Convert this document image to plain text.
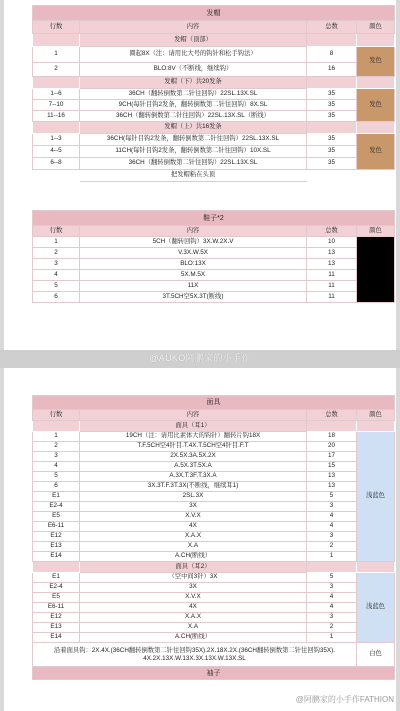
发帽			
行数	内容	总数	颜色
	发帽（顶部）		
1	圈起8X（注：请用比大号的钩针和松手钩法）	8	发色
2	BLO:8V（不断线，继续钩）	16	
	发帽（下）共20发条		
1--6	36CH（翻转倒数第二针往回钩）22SL.13X.SL	35	发色
7--10	9CH(每针目钩2发条，翻转倒数第二针往回钩）8X.SL	35	
11--16	36CH（翻转倒数第二针往回钩）22SL.13X.SL（断线）	35	
	发帽（上）共16发条		
1--3	36CH(每针目钩2发条，翻转倒数第二针往回钩）22SL.13X.SL	35	发色
4--5	11CH(每针目钩2发条，翻转倒数第二针往回钩）10X.SL	35	
6--8	36CH（翻转倒数第二针往回钩）22SL.13X.SL	35	
	把发帽粘在头顶		
鞋子*2			
行数	内容	总数	颜色
1	5CH（翻转回钩）3X.W.2X.V	10	
2	V.3X.W.5X	13	
3	BLO:13X	13	
4	5X.M.5X	11	
5	11X	11	
6	3T.5CH空5X.3T(断线)	11	
@AUKO阿鹏家的小手作
面具			
行数	内容	总数	颜色
	面具（耳1）		
1	19CH（注：请用比素体大的钩针）翻转片钩18X	18	浅蓝色
2	T.F.5CH空4针目.T.4X.T.5CH空4针目.F.T	20	
3	2X.5X.3A.5X.2X	17	
4	A.5X.3T.5X.A	15	
5	A.3X.T.3F.T.3X.A	13	
6	3X.3T.F.3T.3X(不断线，继续耳1)	13	
E1	2SL.3X	5	
E2-4	3X	3	
E5	X.V.X	4	
E6-11	4X	4	
E12	X.A.X	3	
E13	X.A	2	
E14	A.CH(断线）	1	
	面具（耳2）		
E1	（空中间3针）3X	5	浅蓝色
E2-4	3X	3	
E5	X.V.X	4	
E6-11	4X	4	
E12	X.A.X	3	
E13	X.A	2	
E14	A.CH(断线）	1	
沿着面具钩：2X.4X.(36CH翻转倒数第二针往回钩35X).2X.18X.2X.(36CH翻转倒数第二针往回钩35X).
4X.2X.13X.W.13X.3X.13X.W.13X.SL			白色
袖子			
@阿鹏家的小手作FATHION
